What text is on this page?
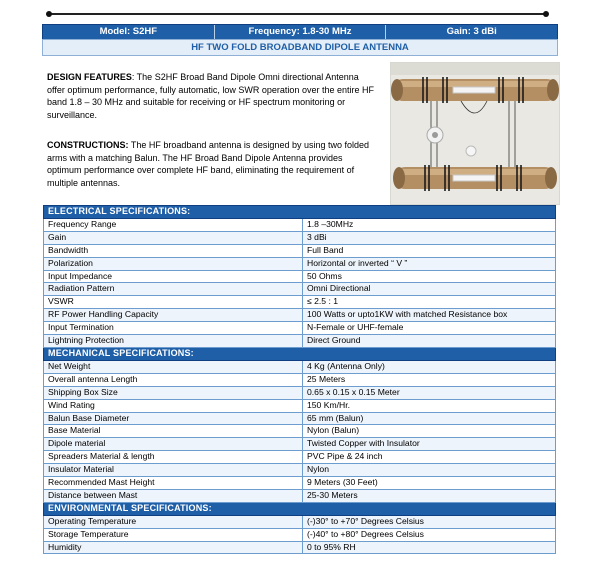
Model: S2HF	Frequency: 1.8-30 MHz	Gain: 3 dBi
HF TWO FOLD BROADBAND DIPOLE ANTENNA
DESIGN FEATURES: The S2HF Broad Band Dipole Omni directional Antenna offer optimum performance, fully automatic, low SWR operation over the entire HF band 1.8 – 30 MHz and suitable for receiving or HF spectrum monitoring or surveillance.
CONSTRUCTIONS: The HF broadband antenna is designed by using two folded arms with a matching Balun. The HF Broad Band Dipole Antenna provides optimum performance over complete HF band, eliminating the requirement of multiple antennas.
ELECTRICAL SPECIFICATIONS:	
Frequency Range	1.8 –30MHz
Gain	3 dBi
Bandwidth	Full Band
Polarization	Horizontal or inverted “ V ”
Input Impedance	50 Ohms
Radiation Pattern	Omni Directional
VSWR	≤ 2.5 : 1
RF Power Handling Capacity	100 Watts or upto1KW with matched Resistance box
Input Termination	N-Female or UHF-female
Lightning Protection	Direct Ground
MECHANICAL SPECIFICATIONS:	
Net Weight	4 Kg (Antenna Only)
Overall antenna Length	25 Meters
Shipping Box Size	0.65 x 0.15 x 0.15 Meter
Wind Rating	150 Km/Hr.
Balun Base Diameter	65 mm (Balun)
Base Material	Nylon (Balun)
Dipole material	Twisted Copper with Insulator
Spreaders Material & length	PVC Pipe & 24 inch
Insulator Material	Nylon
Recommended Mast Height	9 Meters (30 Feet)
Distance between Mast	25-30 Meters
ENVIRONMENTAL SPECIFICATIONS:	
Operating Temperature	(-)30° to +70° Degrees Celsius
Storage Temperature	(-)40° to +80° Degrees Celsius
Humidity	0 to 95% RH
